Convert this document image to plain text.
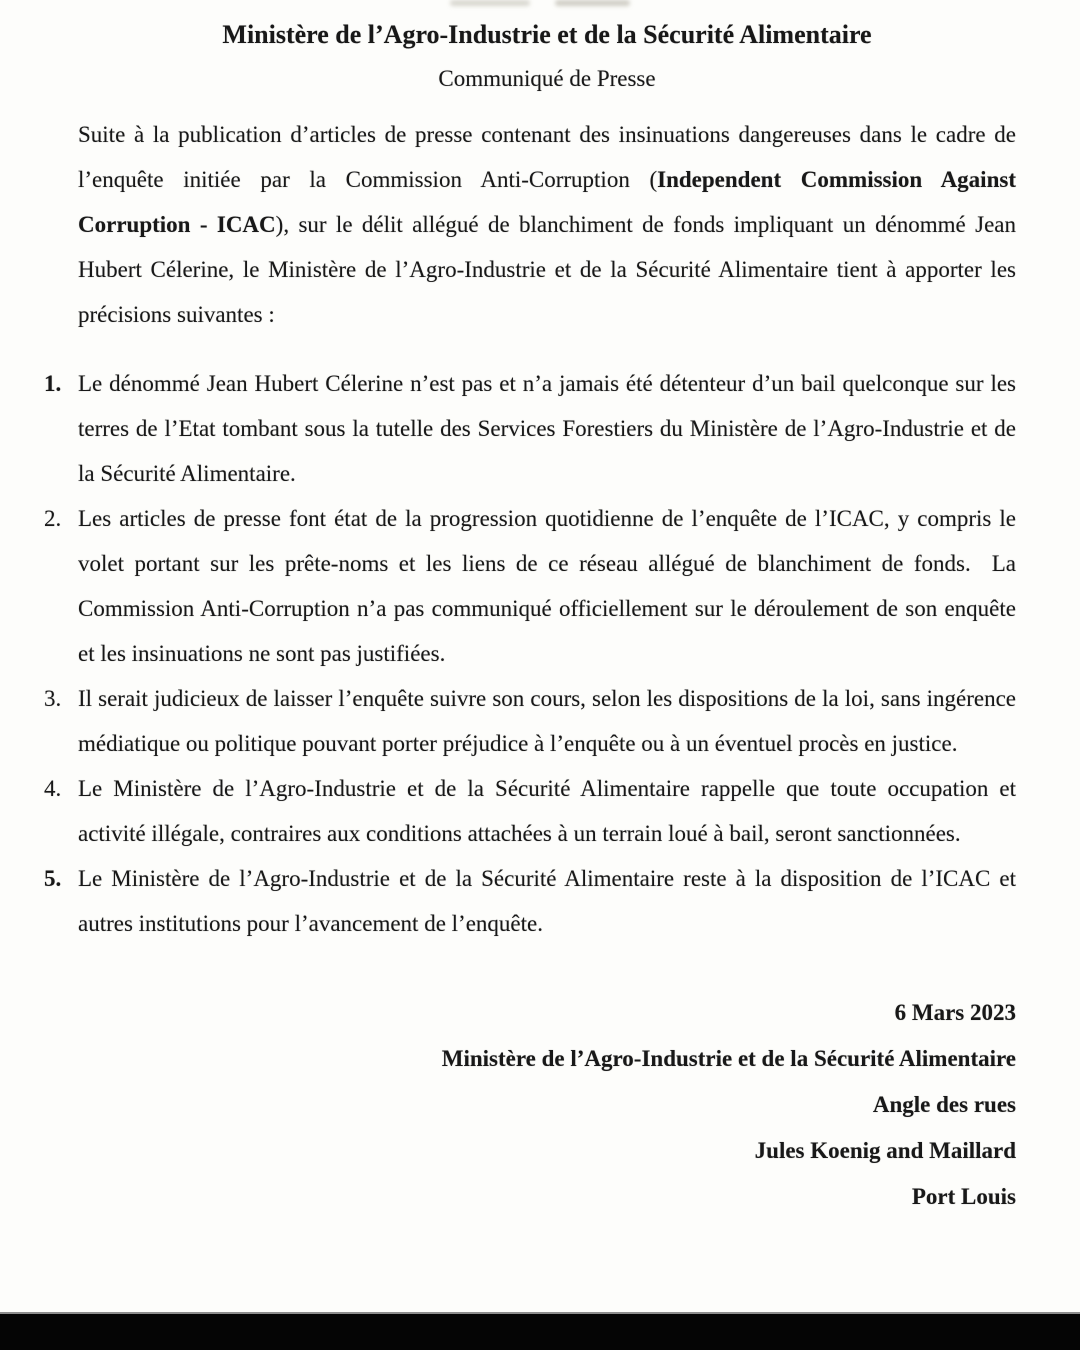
Ministère de l’Agro-Industrie et de la Sécurité Alimentaire
Communiqué de Presse

Suite à la publication d’articles de presse contenant des insinuations dangereuses dans le cadre de l’enquête initiée par la Commission Anti-Corruption (Independent Commission Against Corruption - ICAC), sur le délit allégué de blanchiment de fonds impliquant un dénommé Jean Hubert Célerine, le Ministère de l’Agro-Industrie et de la Sécurité Alimentaire tient à apporter les précisions suivantes :

1. Le dénommé Jean Hubert Célerine n’est pas et n’a jamais été détenteur d’un bail quelconque sur les terres de l’Etat tombant sous la tutelle des Services Forestiers du Ministère de l’Agro-Industrie et de la Sécurité Alimentaire.
2. Les articles de presse font état de la progression quotidienne de l’enquête de l’ICAC, y compris le volet portant sur les prête-noms et les liens de ce réseau allégué de blanchiment de fonds.  La Commission Anti-Corruption n’a pas communiqué officiellement sur le déroulement de son enquête et les insinuations ne sont pas justifiées.
3. Il serait judicieux de laisser l’enquête suivre son cours, selon les dispositions de la loi, sans ingérence médiatique ou politique pouvant porter préjudice à l’enquête ou à un éventuel procès en justice.
4. Le Ministère de l’Agro-Industrie et de la Sécurité Alimentaire rappelle que toute occupation et activité illégale, contraires aux conditions attachées à un terrain loué à bail, seront sanctionnées.
5. Le Ministère de l’Agro-Industrie et de la Sécurité Alimentaire reste à la disposition de l’ICAC et autres institutions pour l’avancement de l’enquête.
6 Mars 2023
Ministère de l’Agro-Industrie et de la Sécurité Alimentaire
Angle des rues
Jules Koenig and Maillard
Port Louis
